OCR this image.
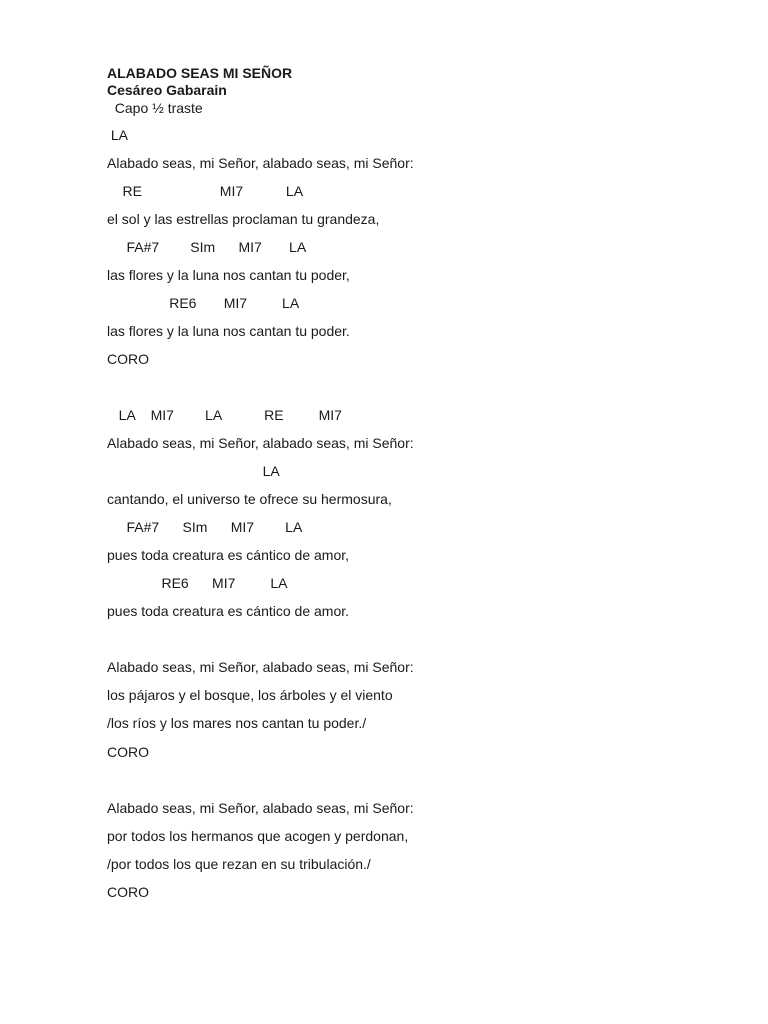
ALABADO SEAS MI SEÑOR

Cesáreo Gabarain

Capo ½ traste

LA

Alabado seas, mi Señor, alabado seas, mi Señor:

RE                    MI7           LA

el sol y las estrellas proclaman tu grandeza,

FA#7        SIm      MI7       LA

las flores y la luna nos cantan tu poder,

RE6       MI7         LA

las flores y la luna nos cantan tu poder.

CORO

LA    MI7        LA           RE         MI7

Alabado seas, mi Señor, alabado seas, mi Señor:

LA

cantando, el universo te ofrece su hermosura,

FA#7      SIm      MI7        LA

pues toda creatura es cántico de amor,

RE6      MI7         LA

pues toda creatura es cántico de amor.

Alabado seas, mi Señor, alabado seas, mi Señor:

los pájaros y el bosque, los árboles y el viento

/los ríos y los mares nos cantan tu poder./

CORO

Alabado seas, mi Señor, alabado seas, mi Señor:

por todos los hermanos que acogen y perdonan,

/por todos los que rezan en su tribulación./

CORO
